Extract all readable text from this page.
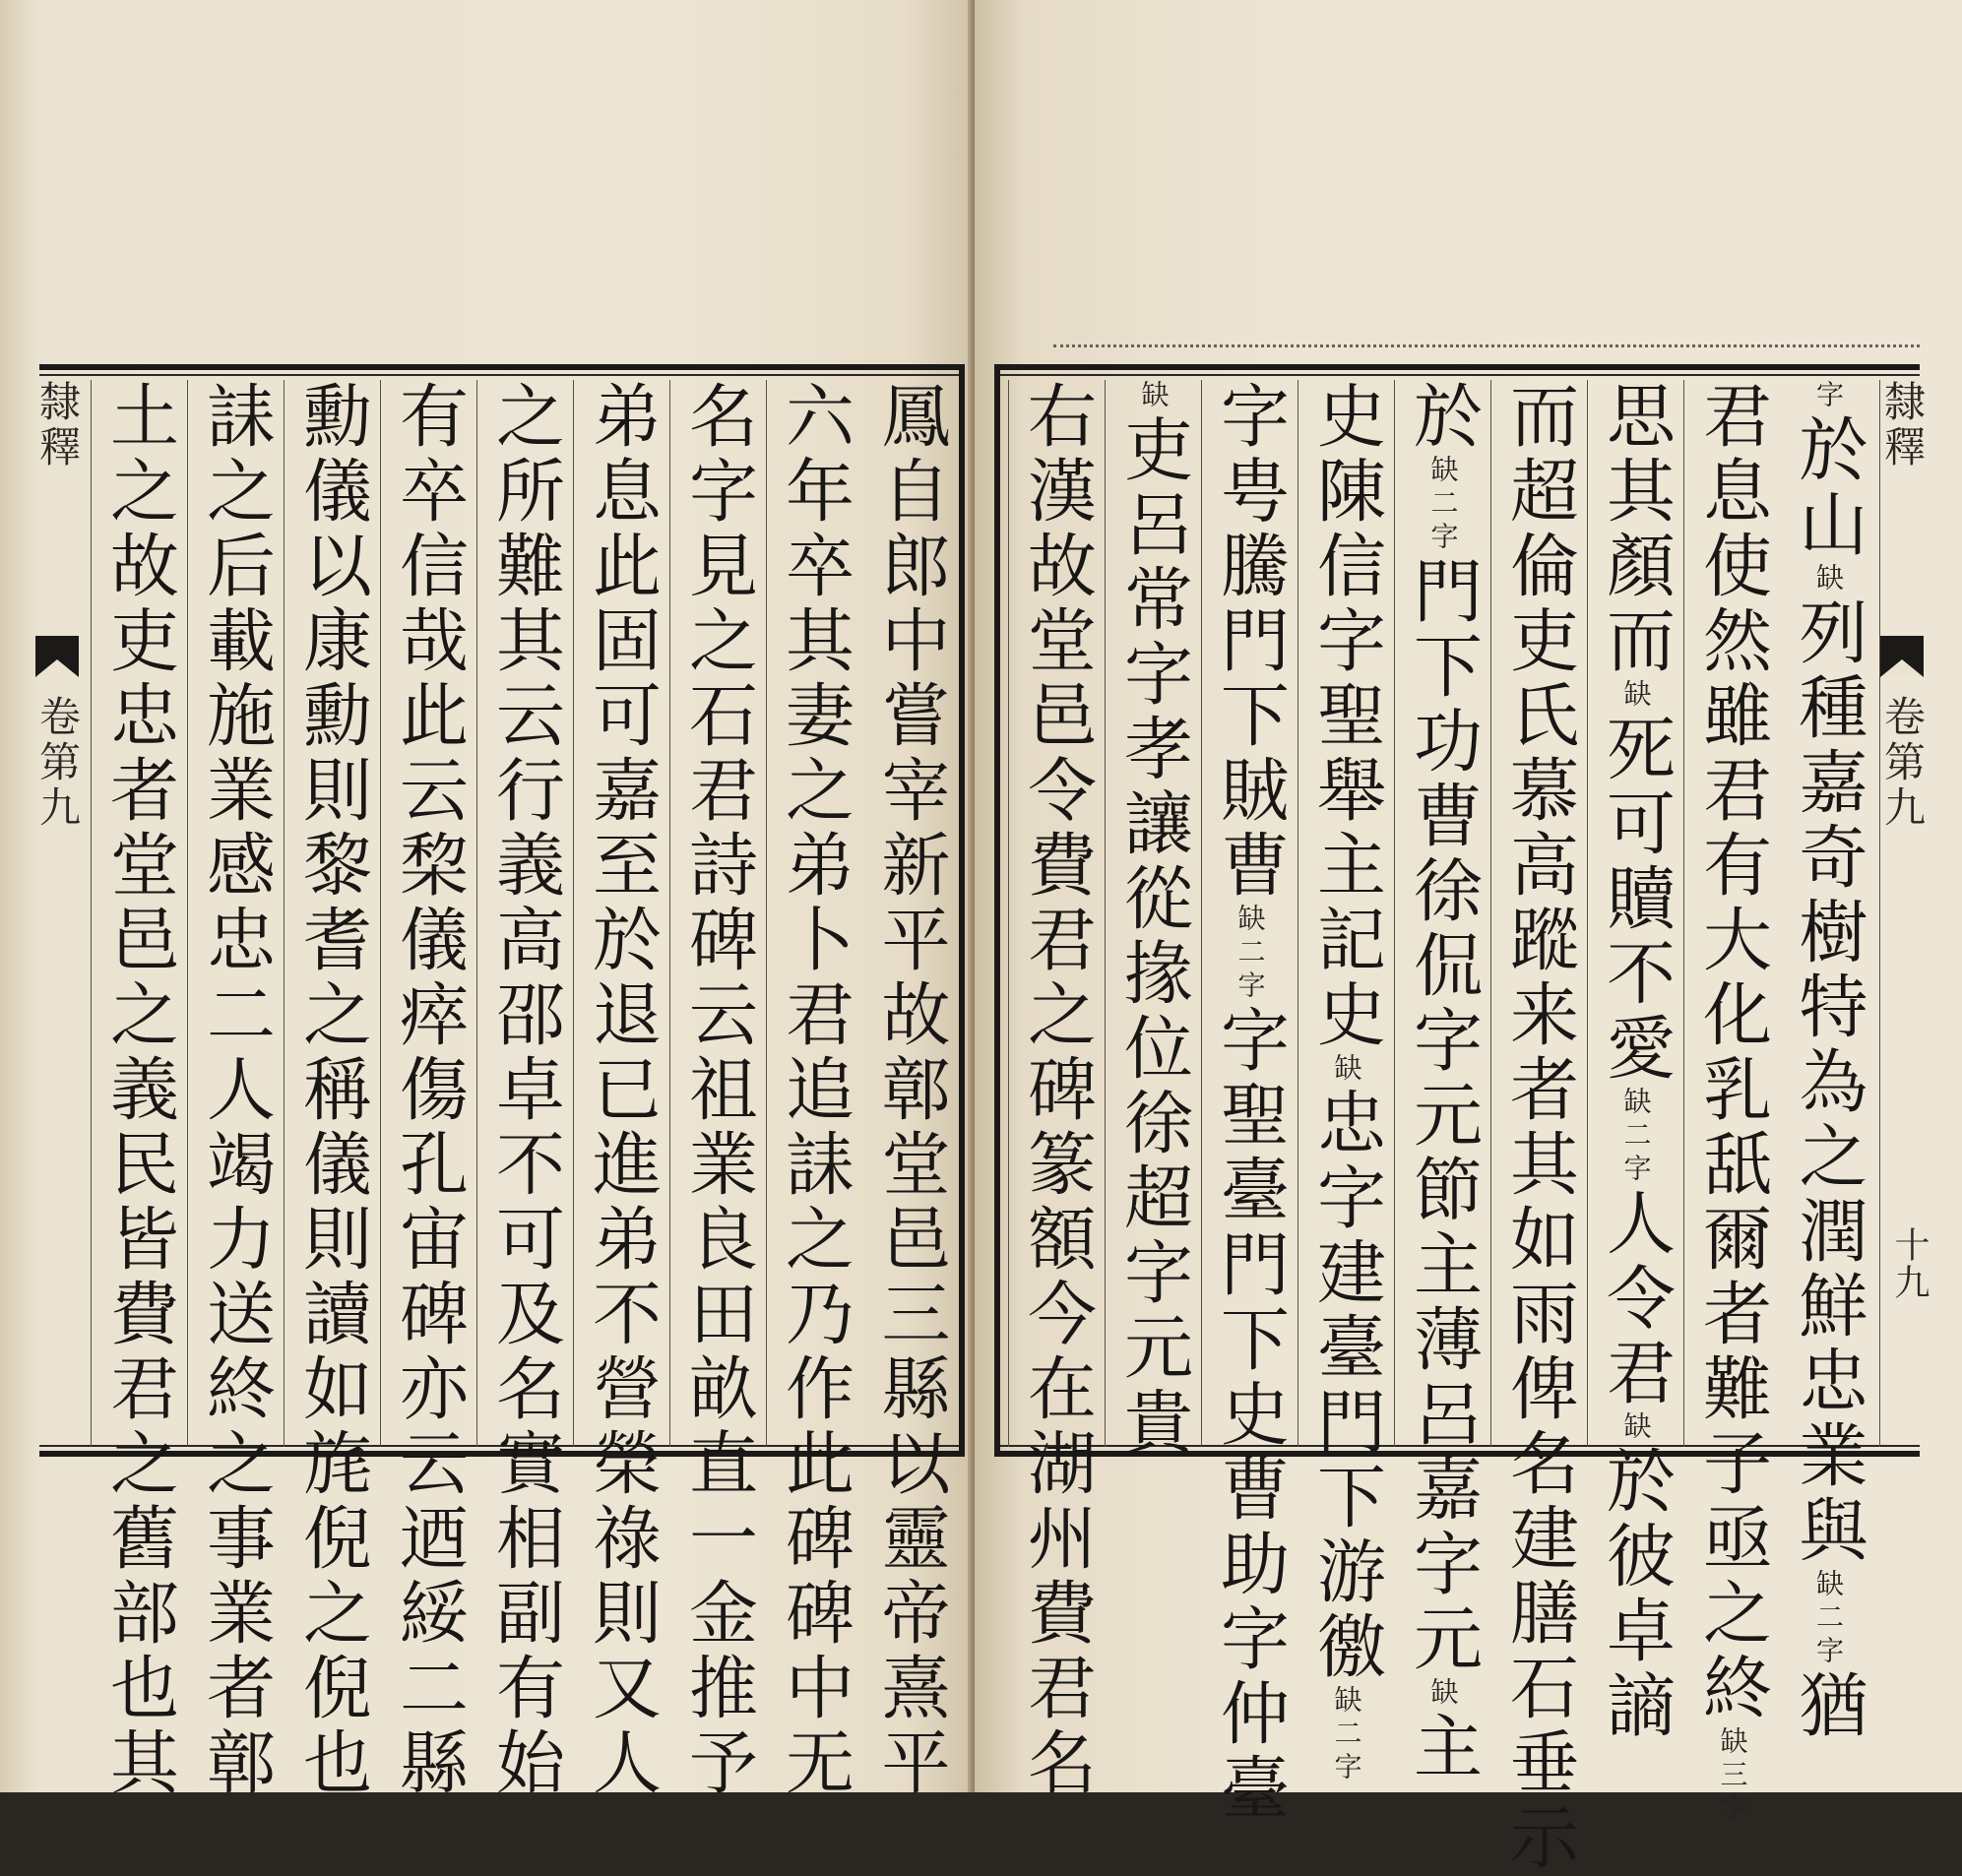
隸釋
卷第九	鳳自郎中嘗宰新平故鄣堂邑三縣以靈帝熹平
六年卒其妻之弟卜君追誄之乃作此碑碑中无
名字見之石君詩碑云祖業良田畝直一金推予
弟息此固可嘉至於退已進弟不營榮祿則又人
之所難其云行義高邵卓不可及名實相副有始
有卒信哉此云棃儀瘁傷孔宙碑亦云迺綏二縣
勳儀以康勳則黎耆之稱儀則讀如旄倪之倪也
誄之后載施業感忠二人竭力送終之事業者鄣
土之故吏忠者堂邑之義民皆費君之舊部也其	隸釋
卷第九
十九
字於山缺列種嘉奇樹特為之潤鮮忠業與缺二字猶
君息使然雖君有大化乳舐爾者難子亟之終缺三字
思其顏而缺死可贖不愛缺二字人令君缺於彼卓謪
而超倫吏氏慕高蹤来者其如雨俾名建膳石垂示
於缺二字門下功曹徐侃字元節主薄呂嘉字元缺主
史陳信字聖舉主記史缺忠字建臺門下游徼缺二字
字甹騰門下賊曹缺二字字聖臺門下史曹助字仲臺
缺吏呂常字孝讓從掾位徐超字元貴
右漢故堂邑令費君之碑篆額今在湖州費君名
